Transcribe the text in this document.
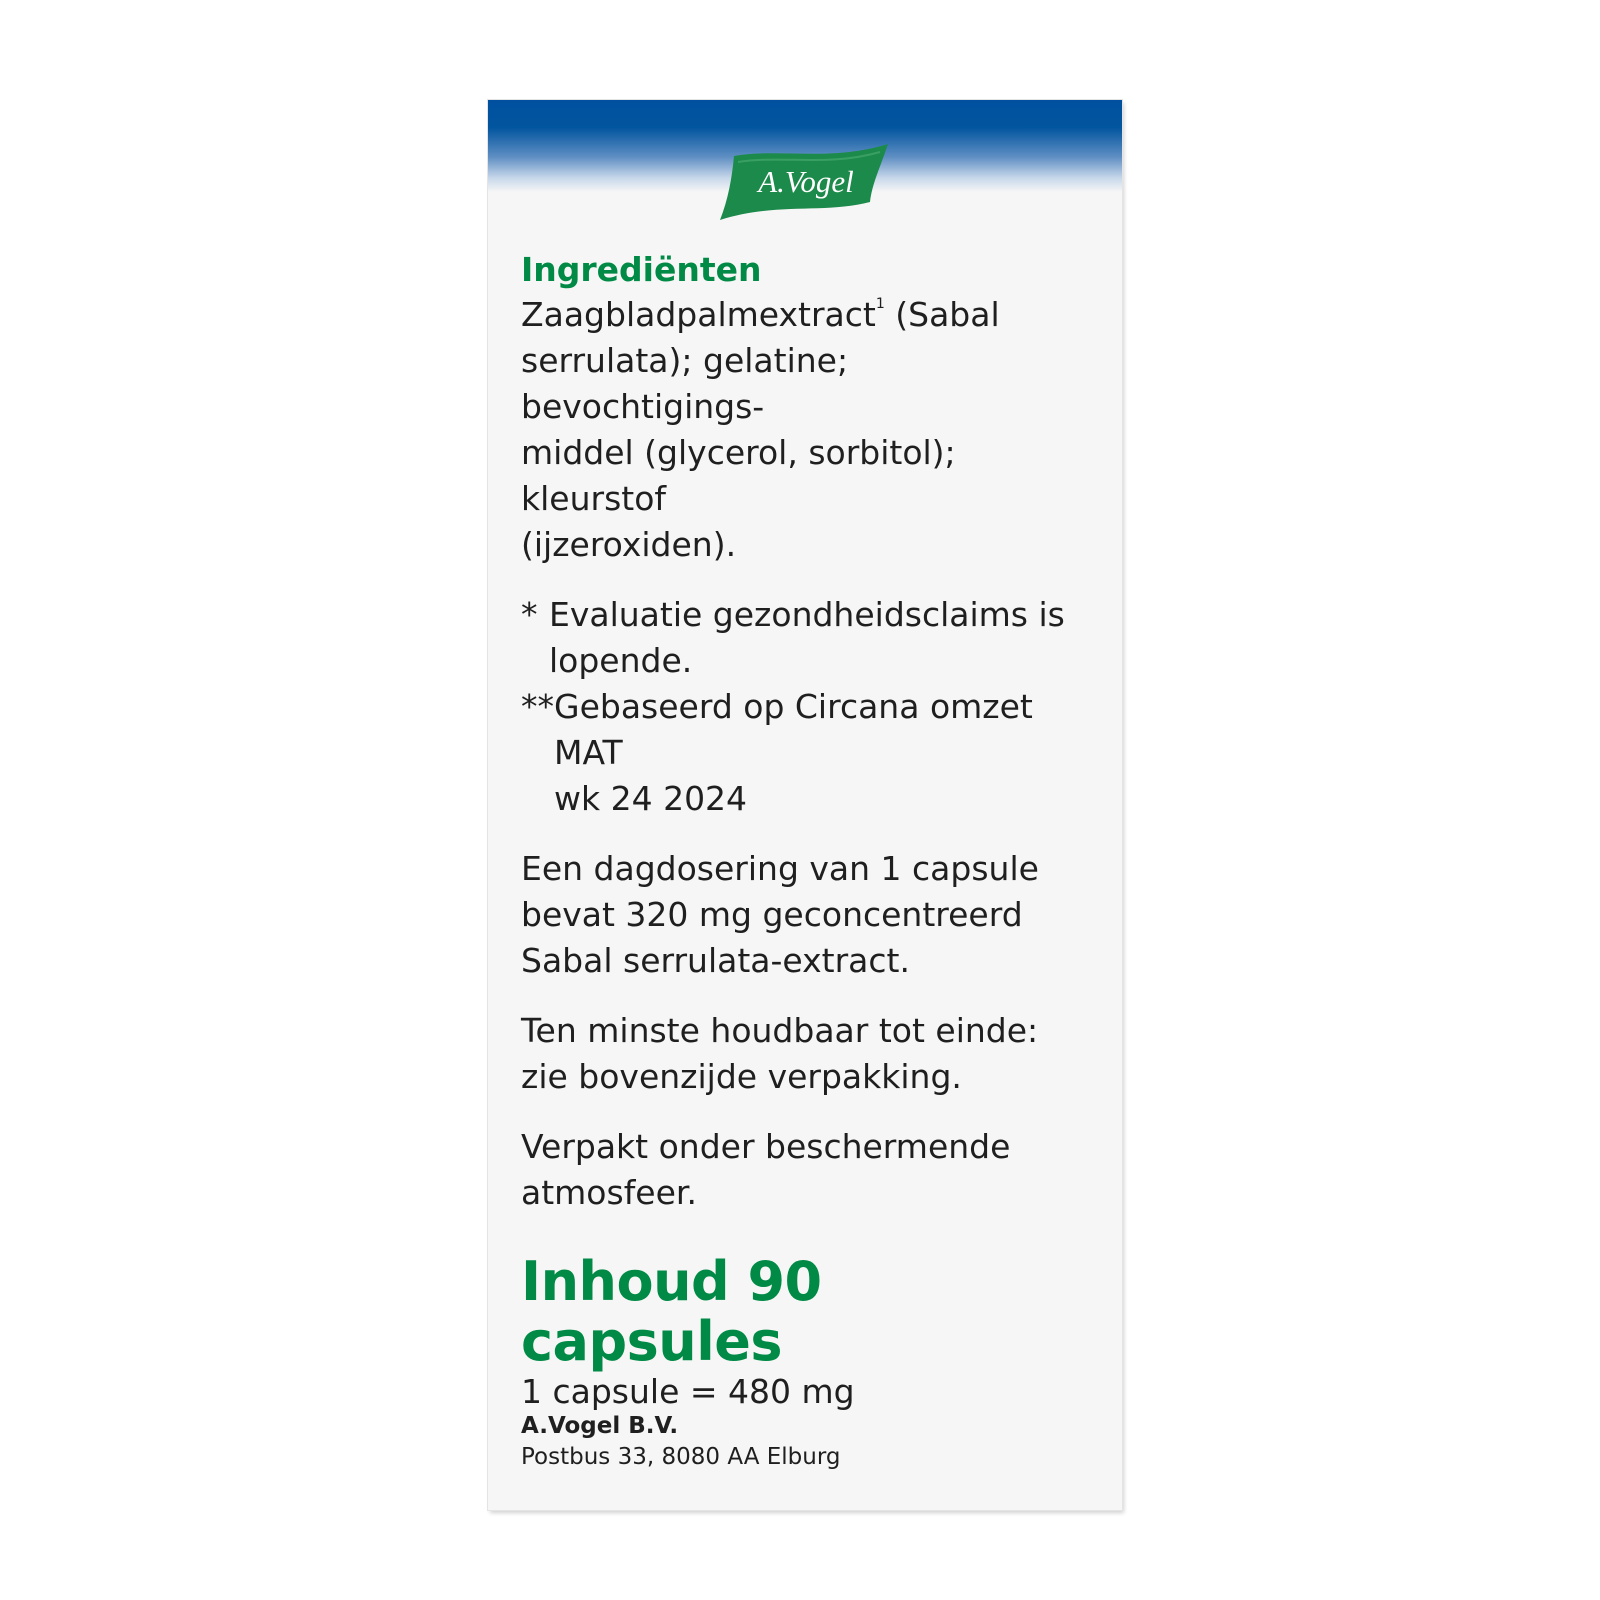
A.Vogel

Ingrediënten

Zaagbladpalmextract$^1$ (Sabal
serrulata); gelatine; bevochtigings-
middel (glycerol, sorbitol); kleurstof
(ijzeroxiden).

* Evaluatie gezondheidsclaims is
lopende.
** Gebaseerd op Circana omzet MAT
wk 24 2024

Een dagdosering van 1 capsule
bevat 320 mg geconcentreerd
Sabal serrulata-extract.

Ten minste houdbaar tot einde:
zie bovenzijde verpakking.

Verpakt onder beschermende
atmosfeer.

Inhoud 90 capsules

1 capsule = 480 mg

A.Vogel B.V.
Postbus 33, 8080 AA Elburg
